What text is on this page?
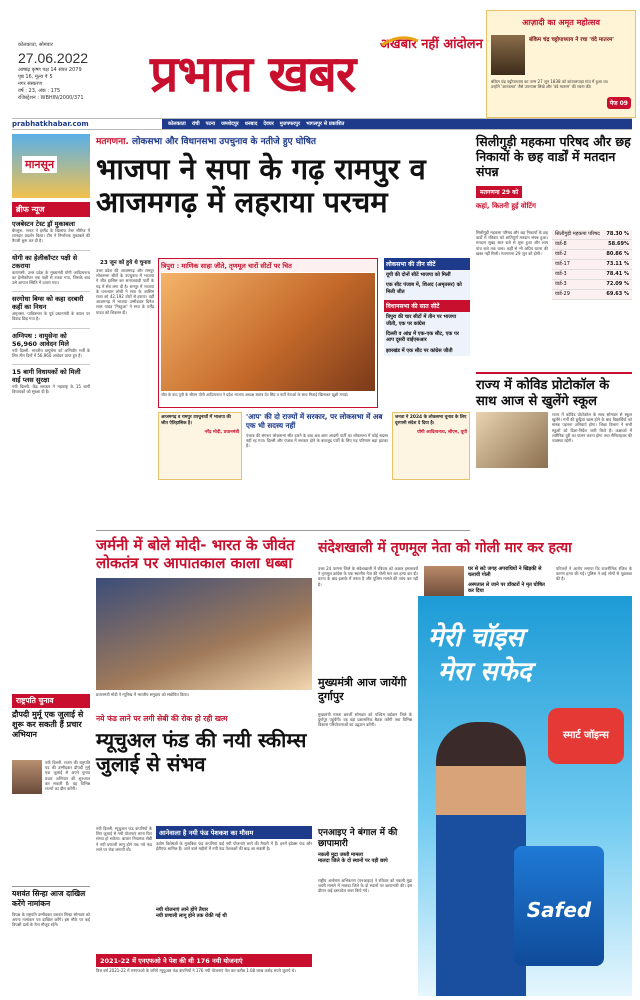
कोलकाता, सोमवार
27.06.2022
आषाढ़ कृष्ण पक्ष 14 संवत 2079
पृष्ठ 16, मूल्य ₹ 5
नगर संस्करण
वर्ष : 23, अंक : 175
रजिस्ट्रेशन : WBHIN/2000/371
अखबार नहीं आंदोलन
प्रभात खबर
आज़ादी का अमृत महोत्सव
बंकिम चंद्र चट्टोपाध्याय ने रचा 'वंदे मातरम'
बंकिम चंद्र चट्टोपाध्याय का जन्म 27 जून 1838 को कांठालपाड़ा गांव में हुआ था। उन्होंने 'आनंदमठ' जैसे उपन्यास लिखे और 'वंदे मातरम' की रचना की।
पेज 09
prabhatkhabar.com	कोलकाता रांची पटना जमशेदपुर धनबाद देवघर मुजफ्फरपुर भागलपुर से प्रकाशित
मानसून
ब्रीफ न्यूज
एजबेस्टन टेस्ट ड्रॉ मुकाबला
बेंगलुरू. भारत ने इंग्लैंड के खिलाफ टेस्ट सीरीज में शानदार प्रदर्शन किया। टीम ने निर्णायक मुकाबले की तैयारी शुरू कर दी है।
योगी का हेलीकॉप्टर पक्षी से टकराया
वाराणसी. उत्तर प्रदेश के मुख्यमंत्री योगी आदित्यनाथ का हेलीकॉप्टर एक पक्षी से टकरा गया, जिसके बाद उसे आपात स्थिति में उतारा गया।
सरगोधा बिग्स को कहा दरबारी कहीं का निधन
अमृतसर. पाकिस्तान के पूर्व प्रधानमंत्री के बयान पर विवाद छिड़ गया है।
अग्निपथ : वायुसेना को 56,960 आवेदन मिले
नयी दिल्ली. भारतीय वायुसेना को अग्निवीर भर्ती के लिए तीन दिनों में 56,960 आवेदन प्राप्त हुए हैं।
15 बागी विधायकों को मिली वाई प्लस सुरक्षा
नयी दिल्ली. केंद्र सरकार ने महाराष्ट्र के 15 बागी विधायकों को सुरक्षा दी है।
मतगणना. लोकसभा और विधानसभा उपचुनाव के नतीजे हुए घोषित
भाजपा ने सपा के गढ़ रामपुर व आजमगढ़ में लहराया परचम
सिलीगुड़ी महकमा परिषद और छह निकायों के छह वार्डों में मतदान संपन्न
मतगणना 29 को
कहां, कितनी हुई वोटिंग
सिलीगुड़ी महकमा परिषद और छह निकायों के छह वार्डों में रविवार को शांतिपूर्ण मतदान संपन्न हुआ। मतदान सुबह सात बजे से शुरू हुआ और शाम पांच बजे तक चला। कहीं से भी अप्रिय घटना की खबर नहीं मिली। मतगणना 29 जून को होगी।
सिलीगुड़ी महकमा परिषद 78.30 %
वार्ड-8	58.69%
वार्ड-2	80.86 %
वार्ड-17	73.11 %
वार्ड-3	78.41 %
वार्ड-3	72.09 %
वार्ड-29	69.63 %
राज्य में कोविड प्रोटोकॉल के साथ आज से खुलेंगे स्कूल
राज्य में कोविड प्रोटोकॉल के साथ सोमवार से स्कूल खुलेंगे। गर्मी की छुट्टियां खत्म होने के बाद विद्यार्थियों को मास्क पहनना अनिवार्य होगा। शिक्षा विभाग ने सभी स्कूलों को दिशा-निर्देश जारी किये हैं। कक्षाओं में शारीरिक दूरी का पालन करना होगा तथा सैनिटाइजर की व्यवस्था रहेगी।
23 जून को हुये थे चुनाव
उत्तर प्रदेश की आजमगढ़ और रामपुर लोकसभा सीटों के उपचुनाव में भाजपा ने जीत हासिल कर समाजवादी पार्टी के गढ़ में सेंध लगा दी है। रामपुर में भाजपा के घनश्याम लोधी ने सपा के आसिम राजा को 42,192 वोटों से हराया। वहीं आजमगढ़ में भाजपा उम्मीदवार दिनेश लाल यादव 'निरहुआ' ने सपा के धर्मेंद्र यादव को शिकस्त दी।
त्रिपुरा : माणिक साहा जीते, तृणमूल चारों सीटों पर चित
जीत के बाद यूपी के सीएम योगी आदित्यनाथ ने प्रदेश भाजपा अध्यक्ष स्वतंत्र देव सिंह व पार्टी नेताओं के साथ मिठाई खिलाकर खुशी मनाई।
लोकसभा की तीन सीटें
यूपी की दोनों सीटें भाजपा को मिलीं
एक सीट पंजाब में, शिअद (अमृतसर) को मिली जीत
विधानसभा की सात सीटें
त्रिपुरा की चार सीटों में तीन पर भाजपा जीती, एक पर कांग्रेस
दिल्ली व आंध्र में एक-एक सीट, एक पर आप दूसरी वाईएसआर
झारखंड में एक सीट पर कांग्रेस जीती
आजमगढ़ व रामपुर उपचुनावों में भाजपा की जीत ऐतिहासिक है।
नरेंद्र मोदी, प्रधानमंत्री
'आप' की दो राज्यों में सरकार, पर लोकसभा में अब एक भी सदस्य नहीं
पंजाब की संगरूर लोकसभा सीट हारने के बाद अब आम आदमी पार्टी का लोकसभा में कोई सदस्य नहीं रह गया। दिल्ली और पंजाब में सरकार होने के बावजूद पार्टी के लिए यह परिणाम बड़ा झटका है।
जनता ने 2024 के लोकसभा चुनाव के लिए दूरगामी संदेश दे दिया है।
योगी आदित्यनाथ, सीएम, यूपी
जर्मनी में बोले मोदी- भारत के जीवंत लोकतंत्र पर आपातकाल काला धब्बा
प्रधानमंत्री मोदी ने म्यूनिख में भारतीय समुदाय को संबोधित किया।
संदेशखाली में तृणमूल नेता को गोली मार कर हत्या
उत्तर 24 परगना जिले के संदेशखाली में रविवार को अज्ञात हमलावरों ने तृणमूल कांग्रेस के एक स्थानीय नेता की गोली मार कर हत्या कर दी। घटना के बाद इलाके में तनाव है और पुलिस मामले की जांच कर रही है।
घर से सटे जगह अपराधियों ने खिड़की से चलायी गोली
अस्पताल ले जाने पर डॉक्टरों ने मृत घोषित कर दिया
परिजनों ने आरोप लगाया कि राजनीतिक रंजिश के कारण हत्या की गई। पुलिस ने कई लोगों से पूछताछ की है।
मुख्यमंत्री आज जायेंगी दुर्गापुर
मुख्यमंत्री ममता बनर्जी सोमवार को पश्चिम बर्दवान जिले के दुर्गापुर पहुंचेंगी। वह वहां प्रशासनिक बैठक करेंगी तथा विभिन्न विकास परियोजनाओं का उद्घाटन करेंगी।
एनआइए ने बंगाल में की छापामारी
नकली मुद्रा जब्ती मामला
मालदा जिले के दो स्थानों पर पड़ी छापे
राष्ट्रीय अन्वेषण अभिकरण (एनआइए) ने रविवार को नकली मुद्रा जब्ती मामले में मालदा जिले के दो स्थानों पर छापामारी की। इस दौरान कई दस्तावेज जब्त किये गये।
मेरी चॉइस
मेरा सफेद
स्मार्ट जॉइन्स
Safed
राष्ट्रपति चुनाव
द्रौपदी मुर्मू एक जुलाई से शुरू कर सकती हैं प्रचार अभियान
नयी दिल्ली. राजग की राष्ट्रपति पद की उम्मीदवार द्रौपदी मुर्मू एक जुलाई से अपने चुनाव प्रचार अभियान की शुरुआत कर सकती हैं। वह विभिन्न राज्यों का दौरा करेंगी।
यशवंत सिन्हा आज दाखिल करेंगे नामांकन
विपक्ष के राष्ट्रपति उम्मीदवार यशवंत सिन्हा सोमवार को अपना नामांकन पत्र दाखिल करेंगे। इस मौके पर कई विपक्षी दलों के नेता मौजूद रहेंगे।
नये फंड लाने पर लगी सेबी की रोक हो रही खत्म
म्यूचुअल फंड की नयी स्कीम्स जुलाई से संभव
नयी दिल्ली. म्यूचुअल फंड कंपनियों के लिए जुलाई से नयी योजनाएं लाना फिर संभव हो सकेगा। बाजार नियामक सेबी ने नयी प्रणाली लागू होने तक नये फंड लाने पर रोक लगायी थी।
आनेवाला है नयी फंड पेशकश का मौसम
उद्योग विशेषज्ञों के मुताबिक फंड कंपनियां कई नयी योजनाएं लाने की तैयारी में हैं। इनमें इंडेक्स फंड और ईटीएफ शामिल हैं। आने वाले महीनों में नयी फंड पेशकशों की बाढ़ आ सकती है।
नयी योजनाएं लाने होंगे तैयार
नयी प्रणाली लागू होने तक रोकी गई थी
2021-22 में एनएफओ ने पेश की थी 176 नयी योजनाएं
वित्त वर्ष 2021-22 में एनएफओ के जरिये म्यूचुअल फंड कंपनियों ने 176 नयी योजनाएं पेश कर करीब 1.08 लाख करोड़ रुपये जुटाये थे।
